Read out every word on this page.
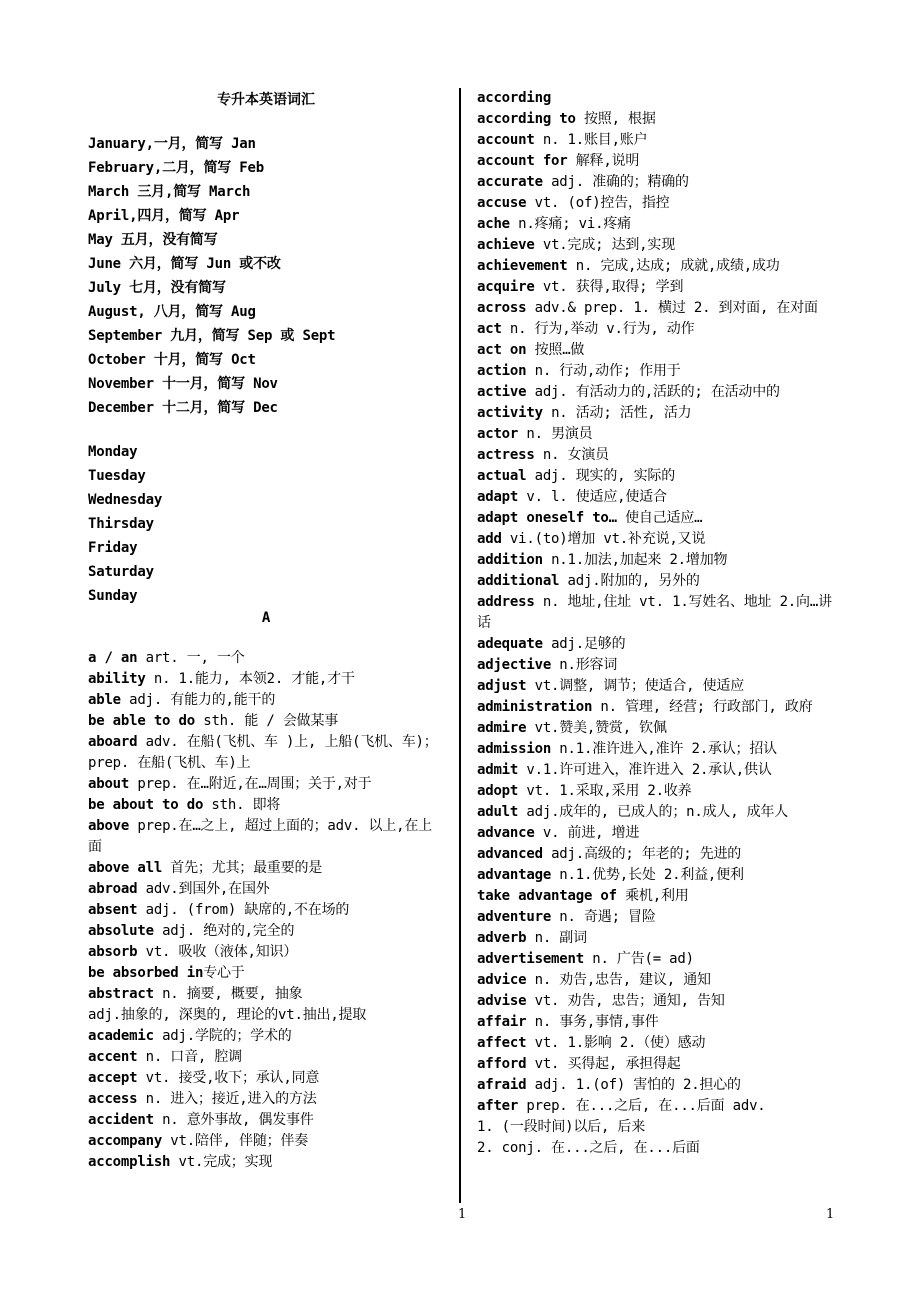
专升本英语词汇
January,一月，简写 Jan
February,二月，简写 Feb
March 三月,简写 March
April,四月，简写 Apr
May 五月，没有简写
June 六月，简写 Jun 或不改
July 七月，没有简写
August, 八月，简写 Aug
September 九月，简写 Sep 或 Sept
October 十月，简写 Oct
November 十一月，简写 Nov
December 十二月，简写 Dec
Monday
Tuesday
Wednesday
Thirsday
Friday
Saturday
Sunday
A
a / an art. 一, 一个
ability n. 1.能力, 本领2. 才能,才干
able adj. 有能力的,能干的
be able to do sth. 能 / 会做某事
aboard adv. 在船(飞机、车 )上, 上船(飞机、车)；
prep. 在船(飞机、车)上
about prep. 在…附近,在…周围；关于,对于
be about to do sth. 即将
above prep.在…之上, 超过上面的；adv. 以上,在上面
above all 首先；尤其；最重要的是
abroad adv.到国外,在国外
absent adj. (from) 缺席的,不在场的
absolute adj. 绝对的,完全的
absorb vt. 吸收（液体,知识）
be absorbed in专心于
abstract n. 摘要, 概要, 抽象
adj.抽象的, 深奥的, 理论的vt.抽出,提取
academic adj.学院的；学术的
accent n. 口音, 腔调
accept vt. 接受,收下；承认,同意
access n. 进入；接近,进入的方法
accident n. 意外事故, 偶发事件
accompany vt.陪伴, 伴随；伴奏
accomplish vt.完成；实现
according
according to 按照, 根据
account n. 1.账目,账户
account for 解释,说明
accurate adj. 准确的；精确的
accuse vt. (of)控告，指控
ache n.疼痛; vi.疼痛
achieve vt.完成; 达到,实现
achievement n. 完成,达成; 成就,成绩,成功
acquire vt. 获得,取得; 学到
across adv.& prep. 1. 横过 2. 到对面, 在对面
act n. 行为,举动 v.行为, 动作
act on 按照…做
action n. 行动,动作; 作用于
active adj. 有活动力的,活跃的; 在活动中的
activity n. 活动; 活性, 活力
actor n. 男演员
actress n. 女演员
actual adj. 现实的, 实际的
adapt v. l. 使适应,使适合
adapt oneself to… 使自己适应…
add vi.(to)增加 vt.补充说,又说
addition n.1.加法,加起来 2.增加物
additional adj.附加的, 另外的
address n. 地址,住址 vt. 1.写姓名、地址 2.向…讲话
adequate adj.足够的
adjective n.形容词
adjust vt.调整, 调节；使适合, 使适应
administration n. 管理, 经营; 行政部门, 政府
admire vt.赞美,赞赏, 钦佩
admission n.1.准许进入,准许 2.承认；招认
admit v.1.许可进入，准许进入 2.承认,供认
adopt vt. 1.采取,采用 2.收养
adult adj.成年的, 已成人的；n.成人, 成年人
advance v. 前进, 增进
advanced adj.高级的; 年老的; 先进的
advantage n.1.优势,长处 2.利益,便利
take advantage of 乘机,利用
adventure n. 奇遇; 冒险
adverb n. 副词
advertisement n. 广告(= ad)
advice n. 劝告,忠告, 建议, 通知
advise vt. 劝告, 忠告；通知, 告知
affair n. 事务,事情,事件
affect vt. 1.影响 2.（使）感动
afford vt. 买得起, 承担得起
afraid adj. 1.(of) 害怕的 2.担心的
after prep. 在...之后, 在...后面 adv.
1. (一段时间)以后, 后来
2. conj. 在...之后, 在...后面
1	1
